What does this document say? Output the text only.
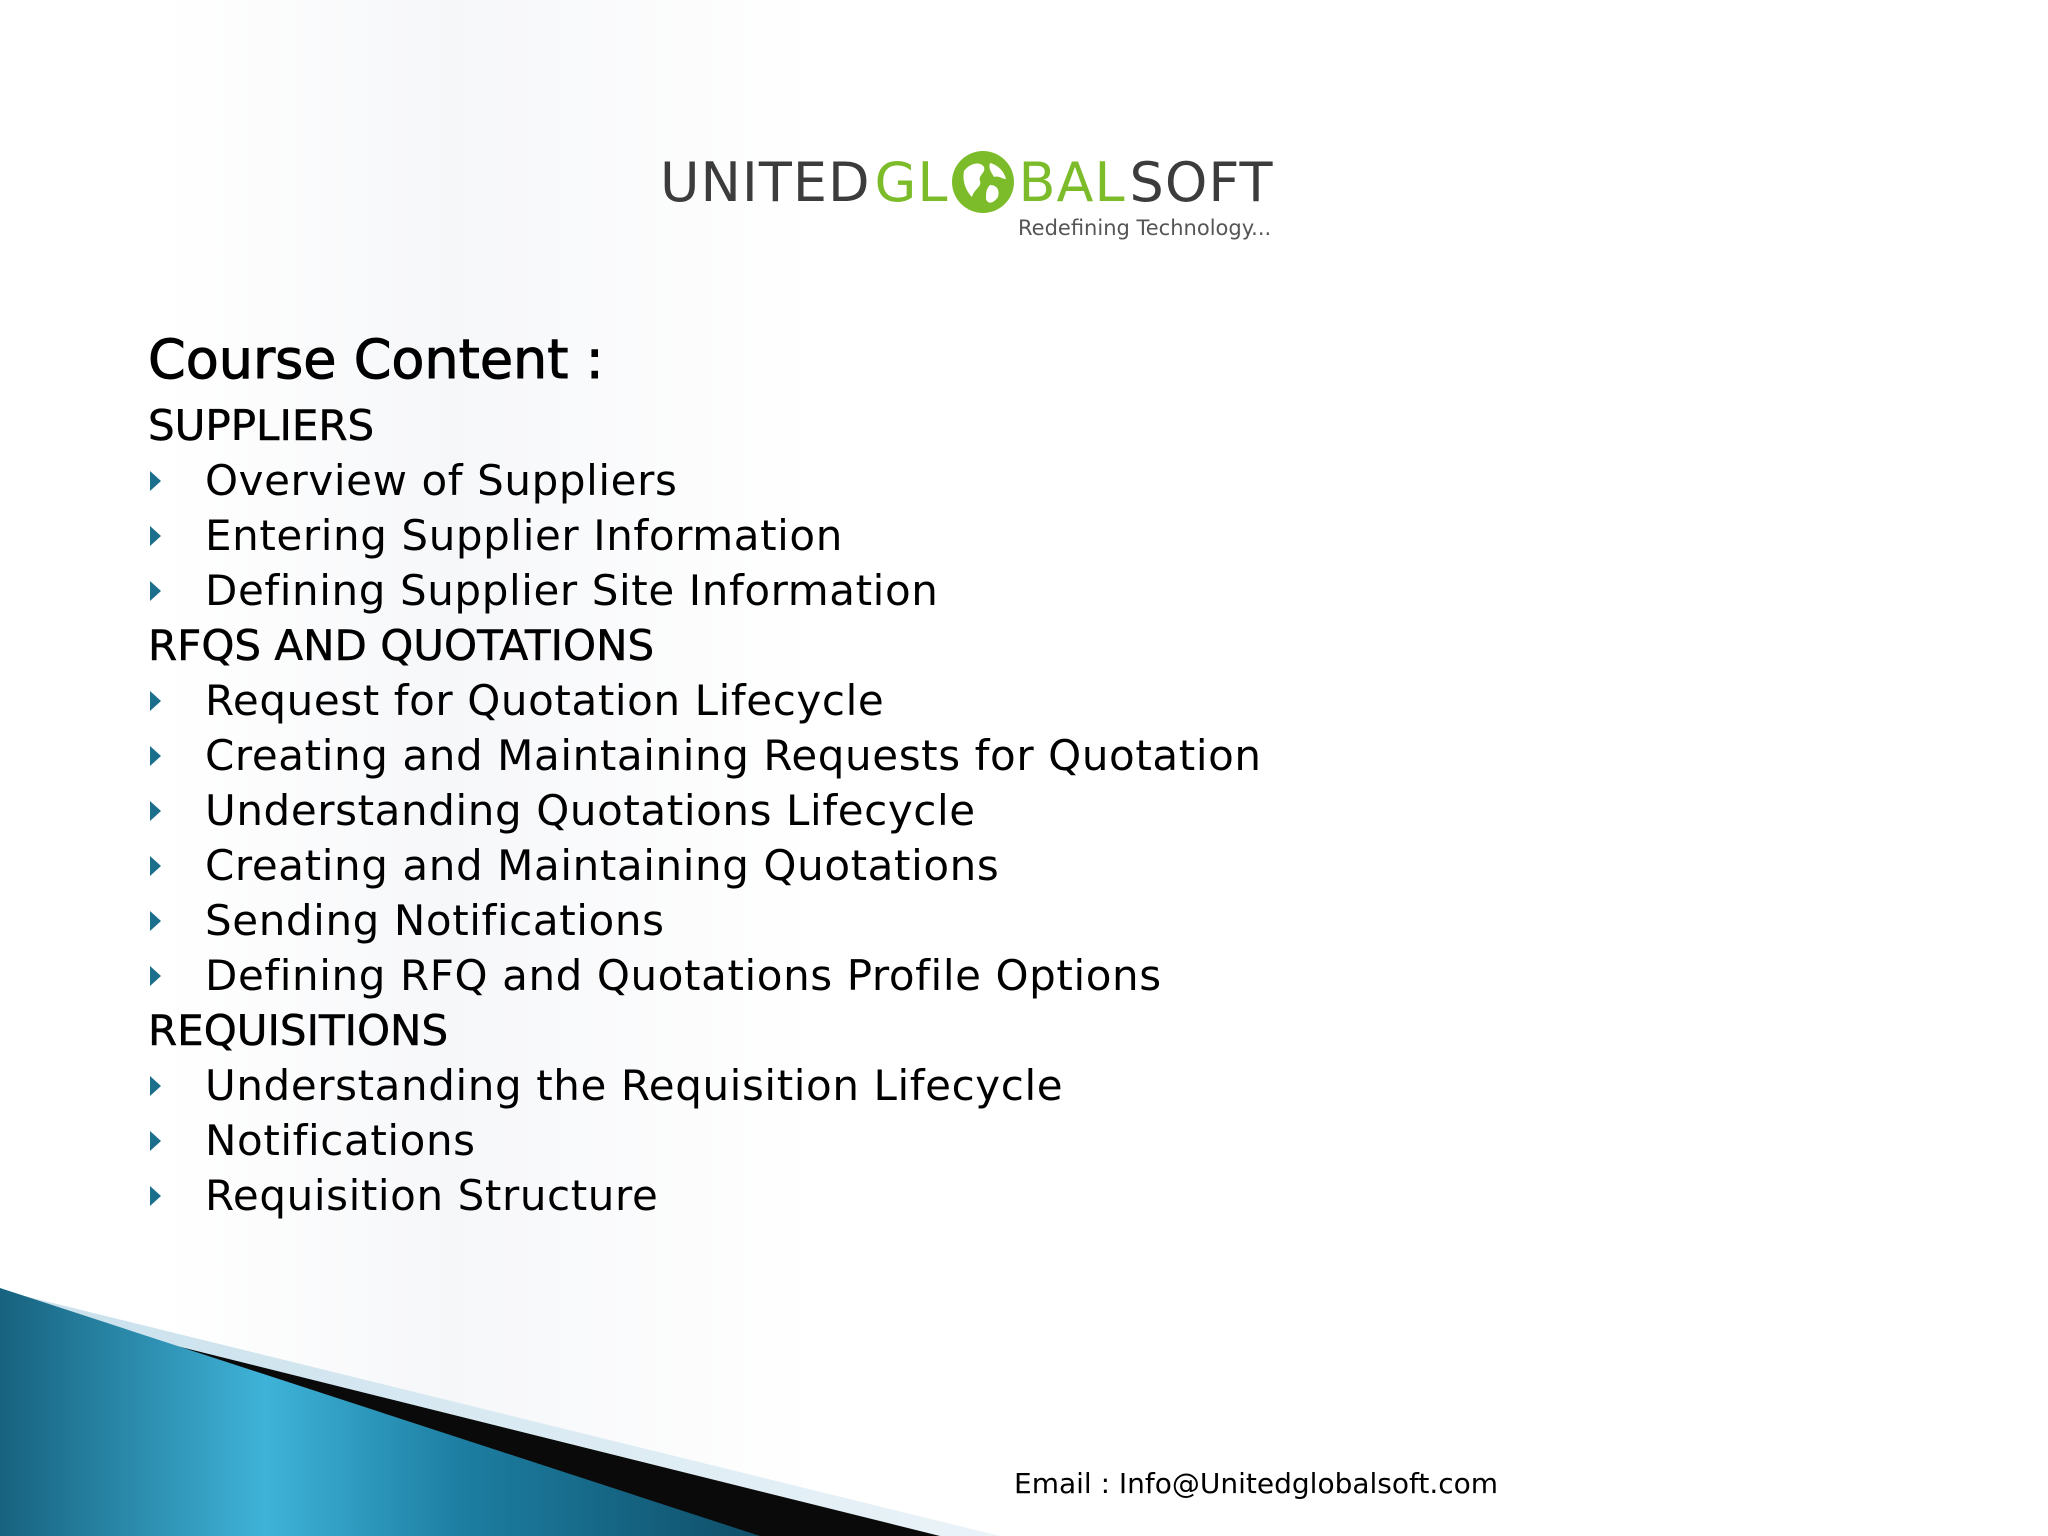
UNITED GL BAL SOFT
Redefining Technology...
Course Content :
SUPPLIERS
Overview of Suppliers
Entering Supplier Information
Defining Supplier Site Information
RFQS AND QUOTATIONS
Request for Quotation Lifecycle
Creating and Maintaining Requests for Quotation
Understanding Quotations Lifecycle
Creating and Maintaining Quotations
Sending Notifications
Defining RFQ and Quotations Profile Options
REQUISITIONS
Understanding the Requisition Lifecycle
Notifications
Requisition Structure
Email : Info@Unitedglobalsoft.com
